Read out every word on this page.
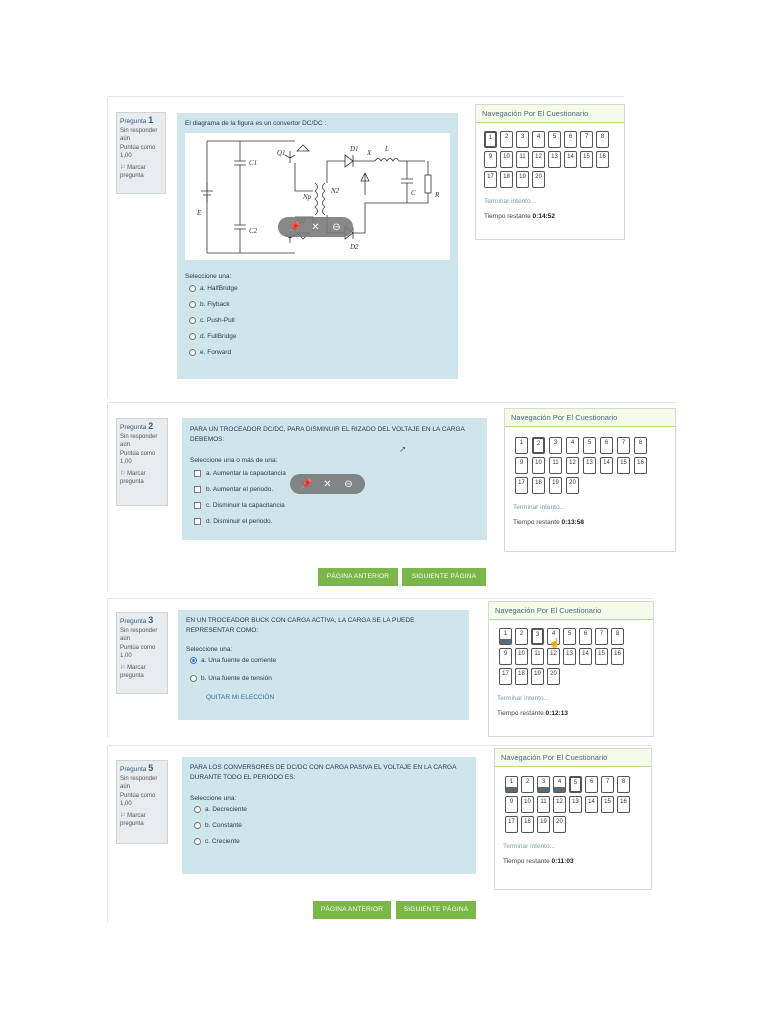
Pregunta 1
Sin responder aún
Puntúa como 1,00
⚐ Marcar pregunta
El diagrama de la figura es un convertor DC/DC :
Seleccione una:
a. HalfBridge
b. Flyback
c. Push-Pull
d. FullBridge
e. Forward
C1
C2
Q1
E
D1
D2
X L
C	R
Np
N2
📌	✕	⊖
Navegación Por El Cuestionario
1	2	3	4	5	6	7	8
9	10	11	12	13	14	15	16
17	18	19	20
Terminar intento...
Tiempo restante 0:14:52
Pregunta 2
Sin responder aún
Puntúa como 1,00
⚐ Marcar pregunta
PARA UN TROCEADOR DC/DC, PARA DISMINUIR EL RIZADO DEL VOLTAJE EN LA CARGA DEBEMOS:
Seleccione una o más de una:
a. Aumentar la capacitancia
b. Aumentar el periodo.
c. Disminuir la capacitancia
d. Disminuir el periodo.
📌	✕	⊖
➚
PÁGINA ANTERIOR	SIGUIENTE PÁGINA
Navegación Por El Cuestionario
1	2	3	4	5	6	7	8
9	10	11	12	13	14	15	16
17	18	19	20
Terminar intento...
Tiempo restante 0:13:58
Pregunta 3
Sin responder aún
Puntúa como 1,00
⚐ Marcar pregunta
EN UN TROCEADOR BUCK CON CARGA ACTIVA, LA CARGA SE LA PUEDE REPRESENTAR COMO:
Seleccione una:
a. Una fuente de corriente
b. Una fuente de tensión
QUITAR MI ELECCIÓN
Navegación Por El Cuestionario
1	2	3	4	5	6	7	8
9	10	11	12	13	14	15	16
17	18	19	20
Terminar intento...
Tiempo restante 0:12:13
☝
Pregunta 5
Sin responder aún
Puntúa como 1,00
⚐ Marcar pregunta
PARA LOS CONVERSORES DE DC/DC CON CARGA PASIVA EL VOLTAJE EN LA CARGA DURANTE TODO EL PERIODO ES:
Seleccione una:
a. Decreciente
b. Constante
c. Creciente
PÁGINA ANTERIOR	SIGUIENTE PÁGINA
Navegación Por El Cuestionario
1	2	3	4	5	6	7	8
9	10	11	12	13	14	15	16
17	18	19	20
Terminar intento...
Tiempo restante 0:11:03
